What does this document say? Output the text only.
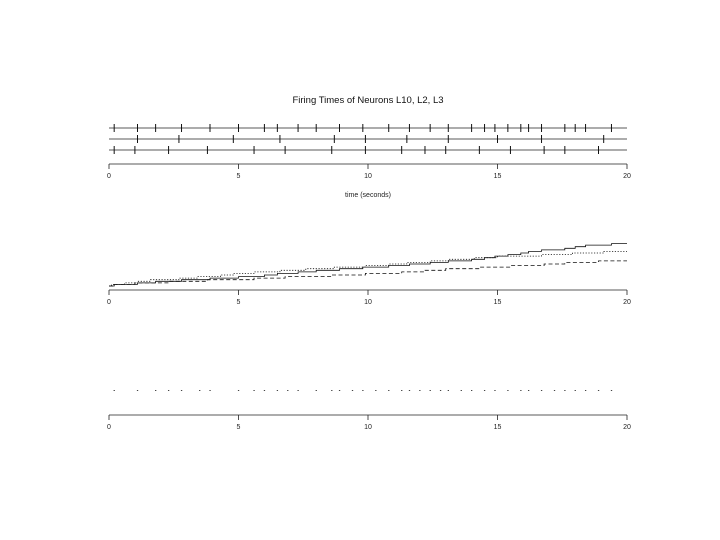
Firing Times of Neurons L10, L2, L3
0	5	10	15	20
time (seconds)
0	5	10	15	20
0	5	10	15	20
